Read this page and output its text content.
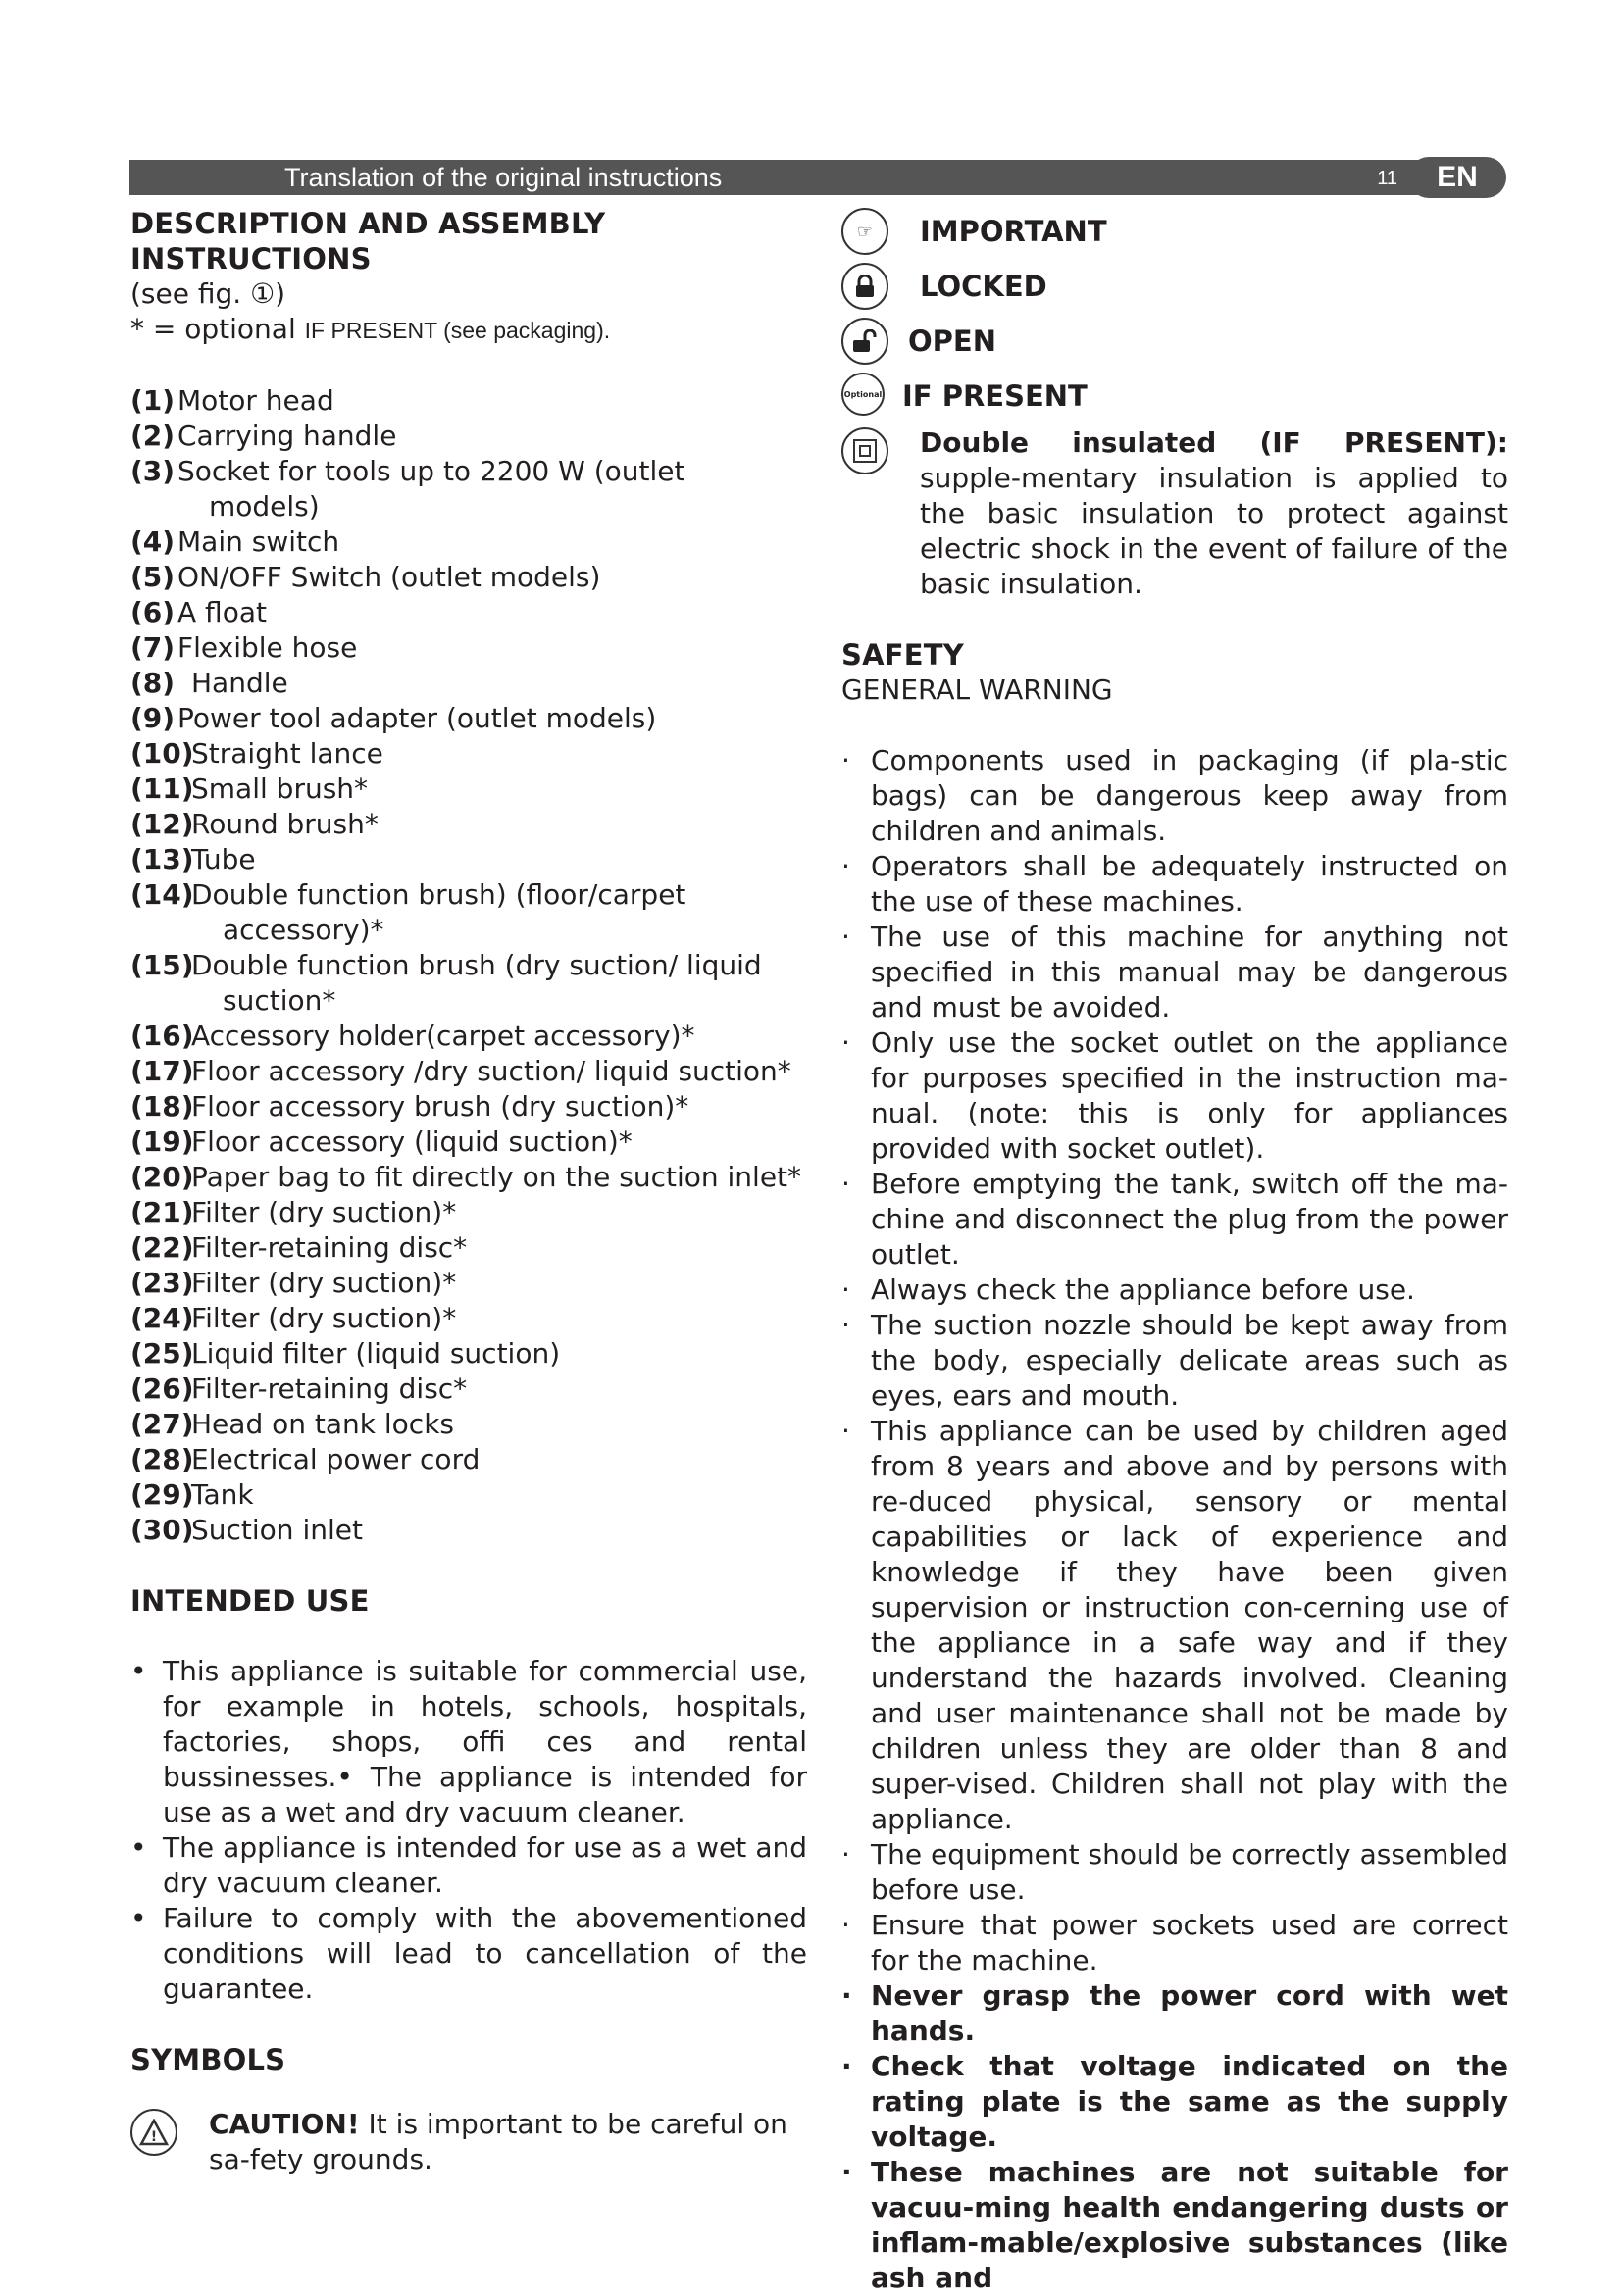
Translation of the original instructions	11	EN
DESCRIPTION AND ASSEMBLY INSTRUCTIONS
(see fig. ①)
* = optional IF PRESENT (see packaging).
(1) Motor head
(2) Carrying handle
(3) Socket for tools up to 2200 W (outlet
models)
(4) Main switch
(5) ON/OFF Switch (outlet models)
(6) A float
(7) Flexible hose
(8) Handle
(9) Power tool adapter (outlet models)
(10)
Straight lance
(11)
Small brush*
(12)
Round brush*
(13)
Tube
(14)
Double function brush) (floor/carpet
accessory)*
(15)
Double function brush (dry suction/ liquid
suction*
(16)
Accessory holder(carpet accessory)*
(17)
Floor accessory /dry suction/ liquid suction*
(18)
Floor accessory brush (dry suction)*
(19)
Floor accessory (liquid suction)*
(20)
Paper bag to fit directly on the suction inlet*
(21)
Filter (dry suction)*
(22)
Filter-retaining disc*
(23)
Filter (dry suction)*
(24)
Filter (dry suction)*
(25)
Liquid filter (liquid suction)
(26)
Filter-retaining disc*
(27)
Head on tank locks
(28)
Electrical power cord
(29)
Tank
(30)
Suction inlet
INTENDED USE
• This appliance is suitable for commercial use, for example in hotels, schools, hospitals, factories, shops, offi ces and rental bussinesses.• The appliance is intended for use as a wet and dry vacuum cleaner.
• The appliance is intended for use as a wet and dry vacuum cleaner.
• Failure to comply with the abovementioned conditions will lead to cancellation of the guarantee.
SYMBOLS
! CAUTION! It is important to be careful on sa-fety grounds.
☞	IMPORTANT
LOCKED
OPEN
Optional IF PRESENT
Double insulated (IF PRESENT): supple-mentary insulation is applied to the basic insulation to protect against electric shock in the event of failure of the basic insulation.
SAFETY
GENERAL WARNING
· Components used in packaging (if pla-stic bags) can be dangerous keep away from children and animals.
· Operators shall be adequately instructed on the use of these machines.
· The use of this machine for anything not specified in this manual may be dangerous and must be avoided.
· Only use the socket outlet on the appliance for purposes specified in the instruction ma-nual. (note: this is only for appliances provided with socket outlet).
· Before emptying the tank, switch off the ma-chine and disconnect the plug from the power outlet.
· Always check the appliance before use.
· The suction nozzle should be kept away from the body, especially delicate areas such as eyes, ears and mouth.
· This appliance can be used by children aged from 8 years and above and by persons with re-duced physical, sensory or mental capabilities or lack of experience and knowledge if they have been given supervision or instruction con-cerning use of the appliance in a safe way and if they understand the hazards involved. Cleaning and user maintenance shall not be made by children unless they are older than 8 and super-vised. Children shall not play with the appliance.
· The equipment should be correctly assembled before use.
· Ensure that power sockets used are correct for the machine.
· Never grasp the power cord with wet hands.
· Check that voltage indicated on the rating plate is the same as the supply voltage.
· These machines are not suitable for vacuu-ming health endangering dusts or inflam-mable/explosive substances (like ash and
